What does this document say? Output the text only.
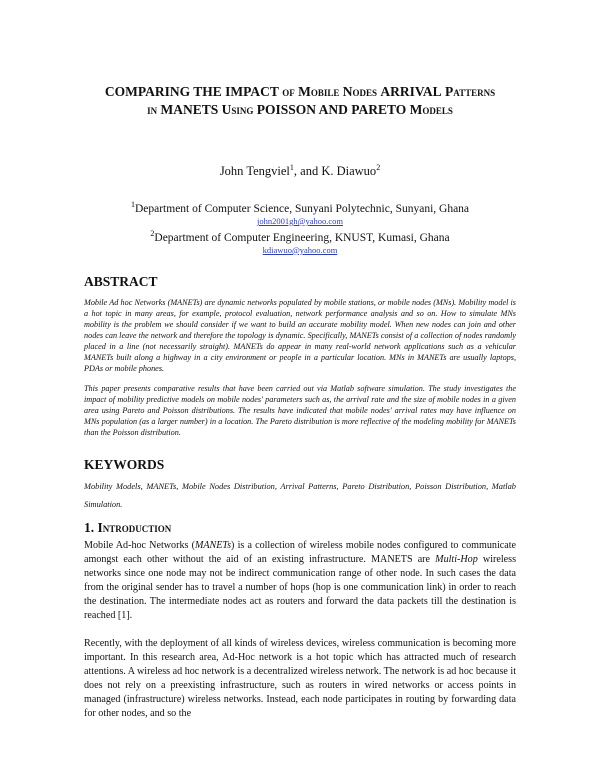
COMPARING THE IMPACT of Mobile Nodes ARRIVAL Patterns
in MANETS Using POISSON AND PARETO Models
John Tengviel$^1$, and K. Diawuo$^2$
$^1$Department of Computer Science, Sunyani Polytechnic, Sunyani, Ghana
john2001gh@yahoo.com
$^2$Department of Computer Engineering, KNUST, Kumasi, Ghana
kdiawuo@yahoo.com
ABSTRACT

Mobile Ad hoc Networks (MANETs) are dynamic networks populated by mobile stations, or mobile nodes (MNs). Mobility model is a hot topic in many areas, for example, protocol evaluation, network performance analysis and so on. How to simulate MNs mobility is the problem we should consider if we want to build an accurate mobility model. When new nodes can join and other nodes can leave the network and therefore the topology is dynamic. Specifically, MANETs consist of a collection of nodes randomly placed in a line (not necessarily straight). MANETs do appear in many real-world network applications such as a vehicular MANETs built along a highway in a city environment or people in a particular location. MNs in MANETs are usually laptops, PDAs or mobile phones.

This paper presents comparative results that have been carried out via Matlab software simulation. The study investigates the impact of mobility predictive models on mobile nodes' parameters such as, the arrival rate and the size of mobile nodes in a given area using Pareto and Poisson distributions. The results have indicated that mobile nodes' arrival rates may have influence on MNs population (as a larger number) in a location. The Pareto distribution is more reflective of the modeling mobility for MANETs than the Poisson distribution.

KEYWORDS

Mobility Models, MANETs, Mobile Nodes Distribution, Arrival Patterns, Pareto Distribution, Poisson Distribution, Matlab Simulation.

1. Introduction

Mobile Ad-hoc Networks (MANETs) is a collection of wireless mobile nodes configured to communicate amongst each other without the aid of an existing infrastructure. MANETS are Multi-Hop wireless networks since one node may not be indirect communication range of other node. In such cases the data from the original sender has to travel a number of hops (hop is one communication link) in order to reach the destination. The intermediate nodes act as routers and forward the data packets till the destination is reached [1].

Recently, with the deployment of all kinds of wireless devices, wireless communication is becoming more important. In this research area, Ad-Hoc network is a hot topic which has attracted much of research attentions. A wireless ad hoc network is a decentralized wireless network. The network is ad hoc because it does not rely on a preexisting infrastructure, such as routers in wired networks or access points in managed (infrastructure) wireless networks. Instead, each node participates in routing by forwarding data for other nodes, and so the
